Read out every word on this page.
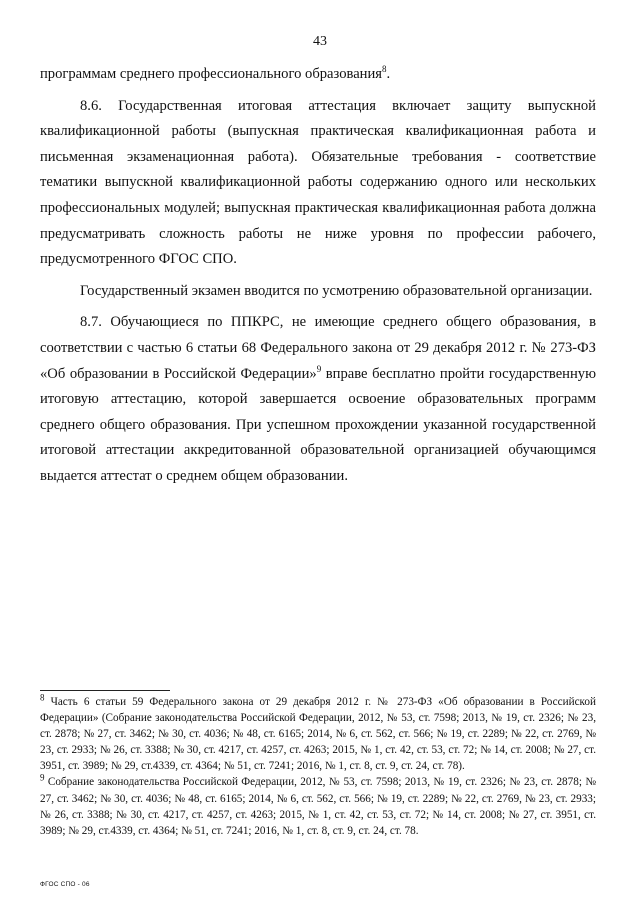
43

программам среднего профессионального образования$^8$.

8.6. Государственная итоговая аттестация включает защиту выпускной квалификационной работы (выпускная практическая квалификационная работа и письменная экзаменационная работа). Обязательные требования - соответствие тематики выпускной квалификационной работы содержанию одного или нескольких профессиональных модулей; выпускная практическая квалификационная работа должна предусматривать сложность работы не ниже уровня по профессии рабочего, предусмотренного ФГОС СПО.

Государственный экзамен вводится по усмотрению образовательной организации.

8.7. Обучающиеся по ППКРС, не имеющие среднего общего образования, в соответствии с частью 6 статьи 68 Федерального закона от 29 декабря 2012 г. № 273-ФЗ «Об образовании в Российской Федерации»$^9$ вправе бесплатно пройти государственную итоговую аттестацию, которой завершается освоение образовательных программ среднего общего образования. При успешном прохождении указанной государственной итоговой аттестации аккредитованной образовательной организацией обучающимся выдается аттестат о среднем общем образовании.

$^8$ Часть 6 статьи 59 Федерального закона от 29 декабря 2012 г. № 273-ФЗ «Об образовании в Российской Федерации» (Собрание законодательства Российской Федерации, 2012, № 53, ст. 7598; 2013, № 19, ст. 2326; № 23, ст. 2878; № 27, ст. 3462; № 30, ст. 4036; № 48, ст. 6165; 2014, № 6, ст. 562, ст. 566; № 19, ст. 2289; № 22, ст. 2769, № 23, ст. 2933; № 26, ст. 3388; № 30, ст. 4217, ст. 4257, ст. 4263; 2015, № 1, ст. 42, ст. 53, ст. 72; № 14, ст. 2008; № 27, ст. 3951, ст. 3989; № 29, ст.4339, ст. 4364; № 51, ст. 7241; 2016, № 1, ст. 8, ст. 9, ст. 24, ст. 78).

$^9$ Собрание законодательства Российской Федерации, 2012, № 53, ст. 7598; 2013, № 19, ст. 2326; № 23, ст. 2878; № 27, ст. 3462; № 30, ст. 4036; № 48, ст. 6165; 2014, № 6, ст. 562, ст. 566; № 19, ст. 2289; № 22, ст. 2769, № 23, ст. 2933; № 26, ст. 3388; № 30, ст. 4217, ст. 4257, ст. 4263; 2015, № 1, ст. 42, ст. 53, ст. 72; № 14, ст. 2008; № 27, ст. 3951, ст. 3989; № 29, ст.4339, ст. 4364; № 51, ст. 7241; 2016, № 1, ст. 8, ст. 9, ст. 24, ст. 78.

ФГОС СПО - 06
